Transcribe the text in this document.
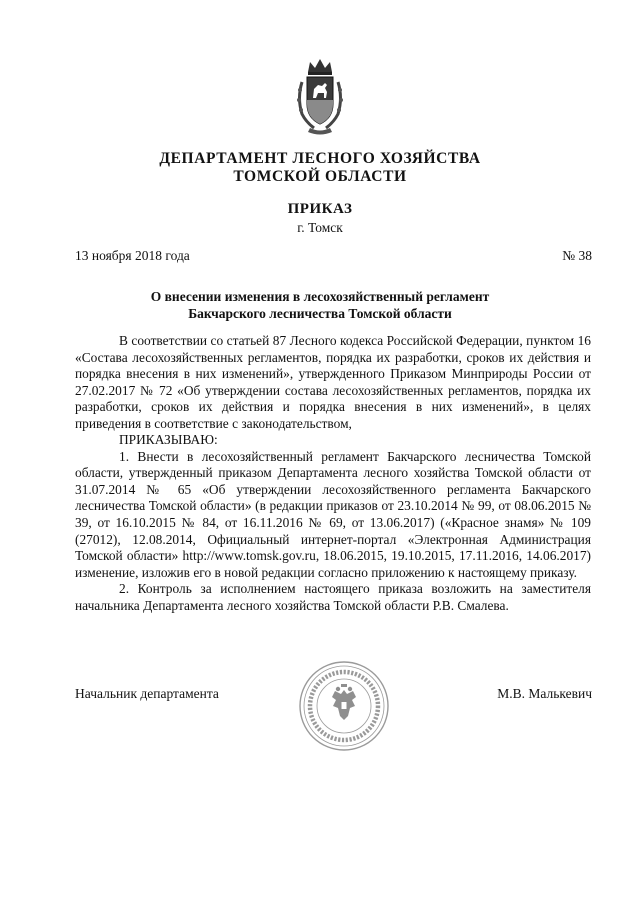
ДЕПАРТАМЕНТ ЛЕСНОГО ХОЗЯЙСТВА
ТОМСКОЙ ОБЛАСТИ
ПРИКАЗ
г. Томск
13 ноября 2018 года	№ 38
О внесении изменения в лесохозяйственный регламент
Бакчарского лесничества Томской области

В соответствии со статьей 87 Лесного кодекса Российской Федерации, пунктом 16 «Состава лесохозяйственных регламентов, порядка их разработки, сроков их действия и порядка внесения в них изменений», утвержденного Приказом Минприроды России от 27.02.2017 № 72 «Об утверждении состава лесохозяйственных регламентов, порядка их разработки, сроков их действия и порядка внесения в них изменений», в целях приведения в соответствие с законодательством,

ПРИКАЗЫВАЮ:

1. Внести в лесохозяйственный регламент Бакчарского лесничества Томской области, утвержденный приказом Департамента лесного хозяйства Томской области от 31.07.2014 № 65 «Об утверждении лесохозяйственного регламента Бакчарского лесничества Томской области» (в редакции приказов от 23.10.2014 № 99, от 08.06.2015 № 39, от 16.10.2015 № 84, от 16.11.2016 № 69, от 13.06.2017) («Красное знамя» № 109 (27012), 12.08.2014, Официальный интернет-портал «Электронная Администрация Томской области» http://www.tomsk.gov.ru, 18.06.2015, 19.10.2015, 17.11.2016, 14.06.2017) изменение, изложив его в новой редакции согласно приложению к настоящему приказу.

2. Контроль за исполнением настоящего приказа возложить на заместителя начальника Департамента лесного хозяйства Томской области Р.В. Смалева.

Начальник департамента	М.В. Малькевич
